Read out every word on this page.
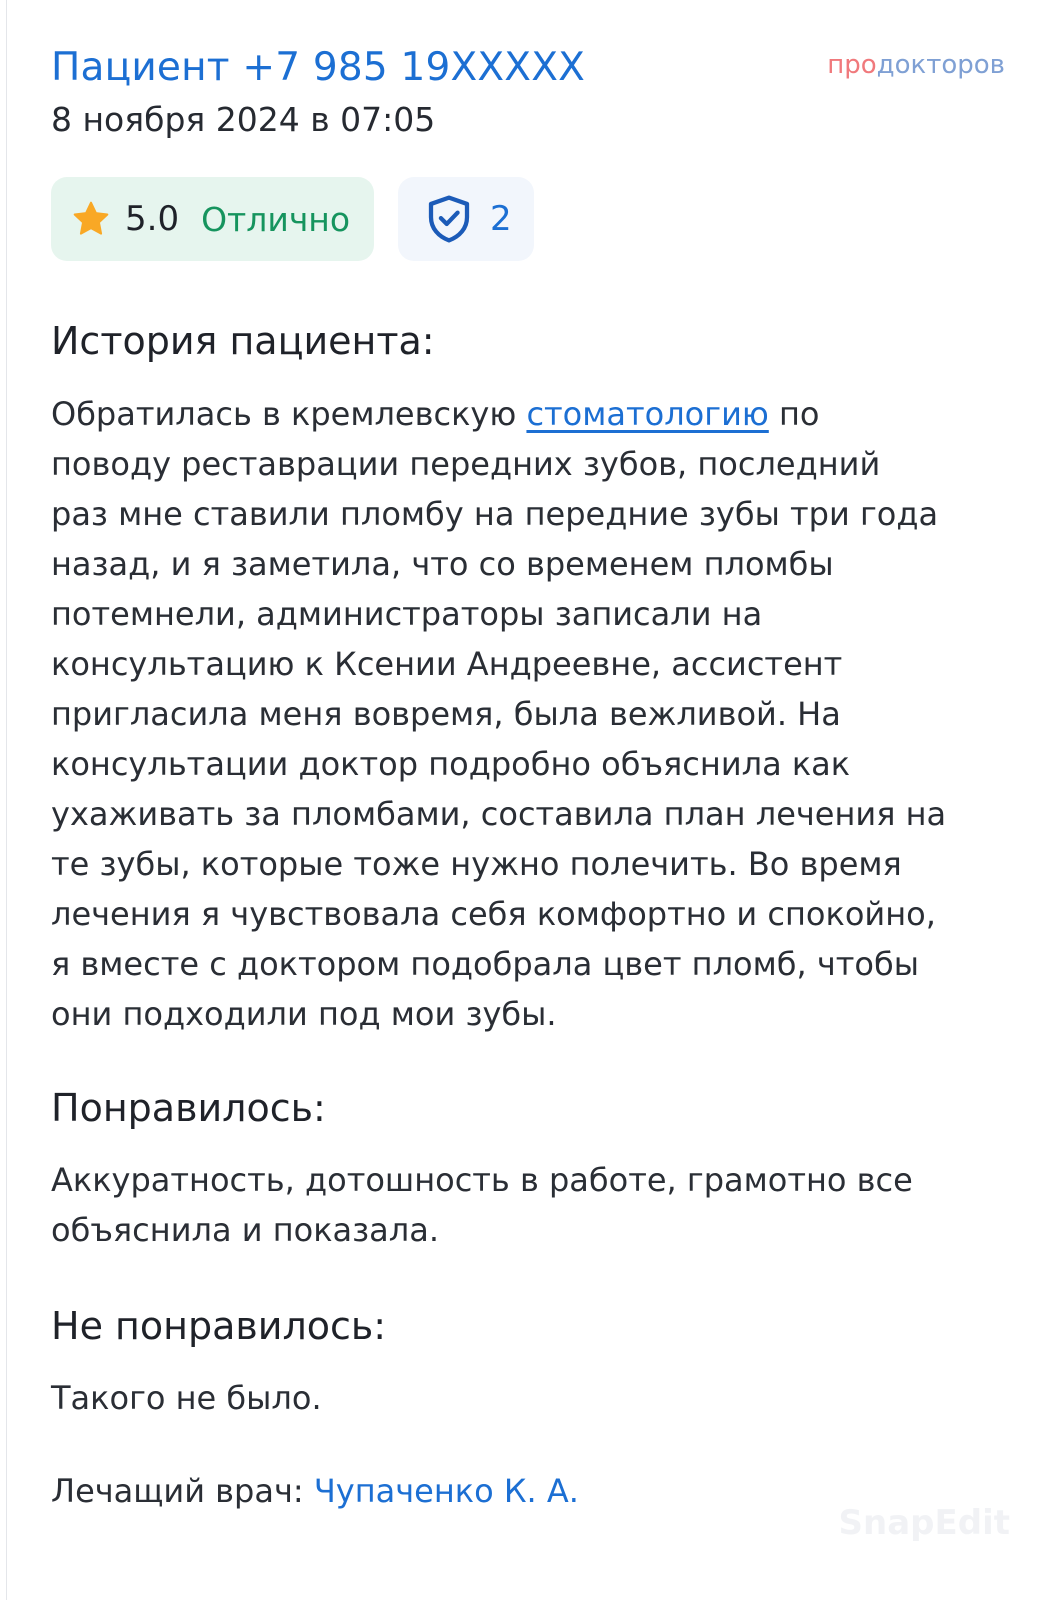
Пациент +7 985 19XXXXX
8 ноября 2024 в 07:05
продокторов
5.0 Отлично	2
История пациента:
Обратилась в кремлевскую стоматологию по
поводу реставрации передних зубов, последний
раз мне ставили пломбу на передние зубы три года
назад, и я заметила, что со временем пломбы
потемнели, администраторы записали на
консультацию к Ксении Андреевне, ассистент
пригласила меня вовремя, была вежливой. На
консультации доктор подробно объяснила как
ухаживать за пломбами, составила план лечения на
те зубы, которые тоже нужно полечить. Во время
лечения я чувствовала себя комфортно и спокойно,
я вместе с доктором подобрала цвет пломб, чтобы
они подходили под мои зубы.
Понравилось:
Аккуратность, дотошность в работе, грамотно все
объяснила и показала.
Не понравилось:
Такого не было.
Лечащий врач: Чупаченко К. А.
SnapEdit
